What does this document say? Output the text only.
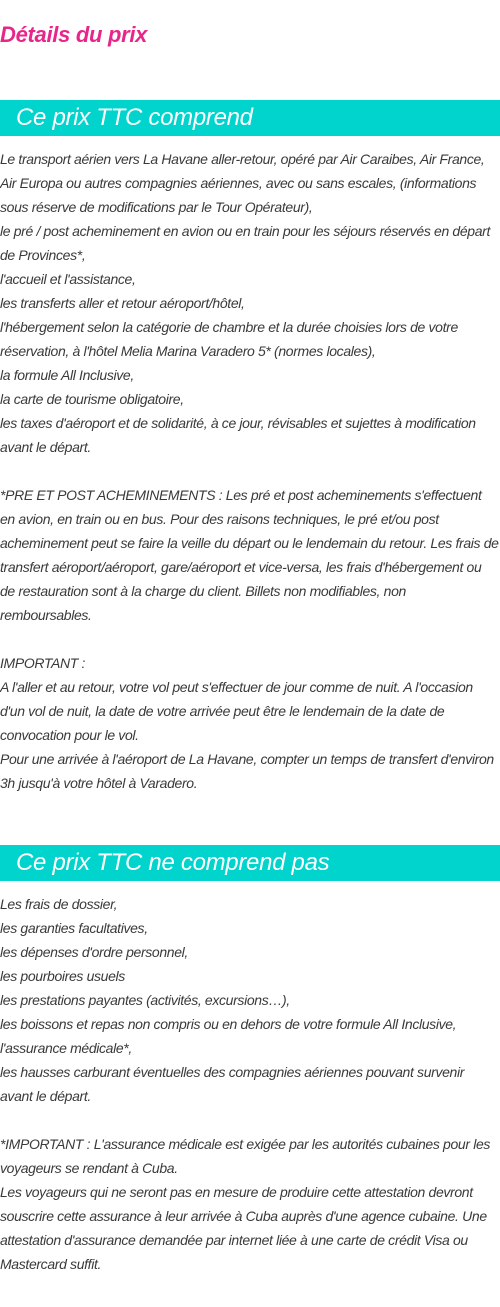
Détails du prix
Ce prix TTC comprend
Le transport aérien vers La Havane aller-retour, opéré par Air Caraibes, Air France, Air Europa ou autres compagnies aériennes, avec ou sans escales, (informations sous réserve de modifications par le Tour Opérateur),
le pré / post acheminement en avion ou en train pour les séjours réservés en départ de Provinces*,
l'accueil et l'assistance,
les transferts aller et retour aéroport/hôtel,
l'hébergement selon la catégorie de chambre et la durée choisies lors de votre réservation, à l'hôtel Melia Marina Varadero 5* (normes locales),
la formule All Inclusive,
la carte de tourisme obligatoire,
les taxes d'aéroport et de solidarité, à ce jour, révisables et sujettes à modification avant le départ.
*PRE ET POST ACHEMINEMENTS : Les pré et post acheminements s'effectuent en avion, en train ou en bus. Pour des raisons techniques, le pré et/ou post acheminement peut se faire la veille du départ ou le lendemain du retour. Les frais de transfert aéroport/aéroport, gare/aéroport et vice-versa, les frais d'hébergement ou de restauration sont à la charge du client. Billets non modifiables, non remboursables.
IMPORTANT :
A l'aller et au retour, votre vol peut s'effectuer de jour comme de nuit. A l'occasion d'un vol de nuit, la date de votre arrivée peut être le lendemain de la date de convocation pour le vol.
Pour une arrivée à l'aéroport de La Havane, compter un temps de transfert d'environ 3h jusqu'à votre hôtel à Varadero.
Ce prix TTC ne comprend pas
Les frais de dossier,
les garanties facultatives,
les dépenses d'ordre personnel,
les pourboires usuels
les prestations payantes (activités, excursions…),
les boissons et repas non compris ou en dehors de votre formule All Inclusive,
l'assurance médicale*,
les hausses carburant éventuelles des compagnies aériennes pouvant survenir avant le départ.
*IMPORTANT : L'assurance médicale est exigée par les autorités cubaines pour les voyageurs se rendant à Cuba.
Les voyageurs qui ne seront pas en mesure de produire cette attestation devront souscrire cette assurance à leur arrivée à Cuba auprès d'une agence cubaine. Une attestation d'assurance demandée par internet liée à une carte de crédit Visa ou Mastercard suffit.
